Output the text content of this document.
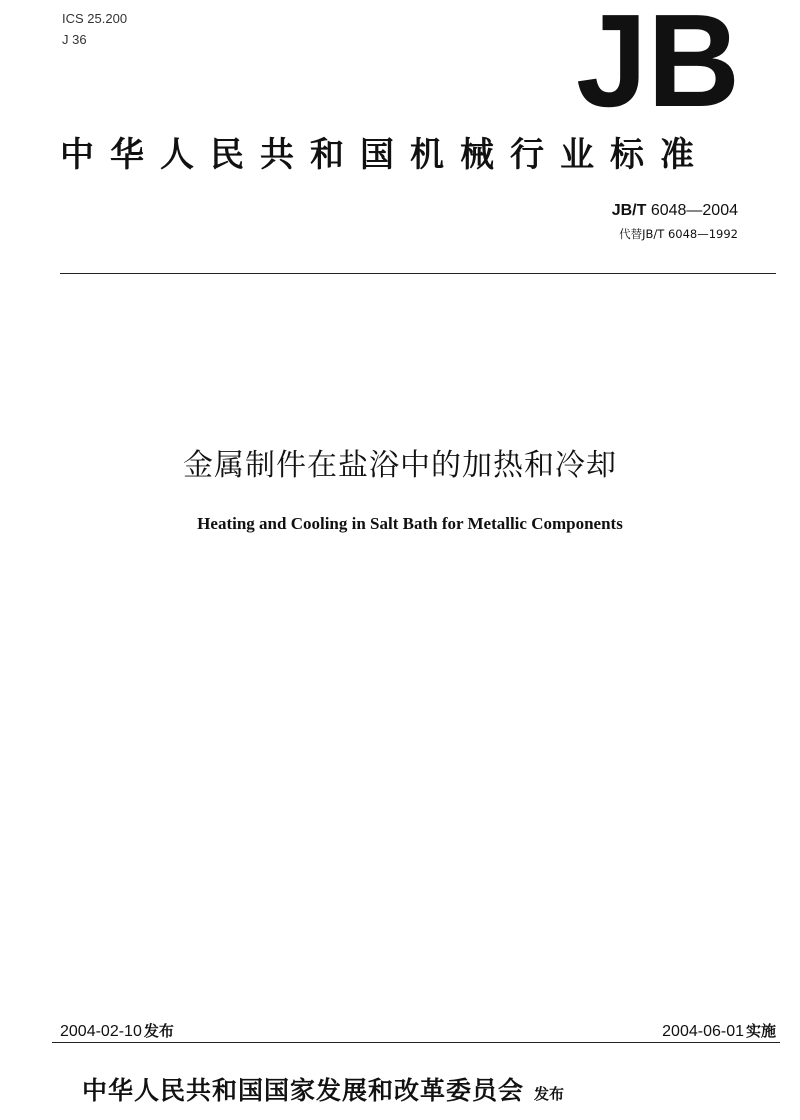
ICS 25.200
J 36	JB
中华人民共和国机械行业标准
JB/T 6048—2004
代替JB/T 6048—1992
金属制件在盐浴中的加热和冷却
Heating and Cooling in Salt Bath for Metallic Components
2004-02-10 发布	2004-06-01 实施
中华人民共和国国家发展和改革委员会 发布
